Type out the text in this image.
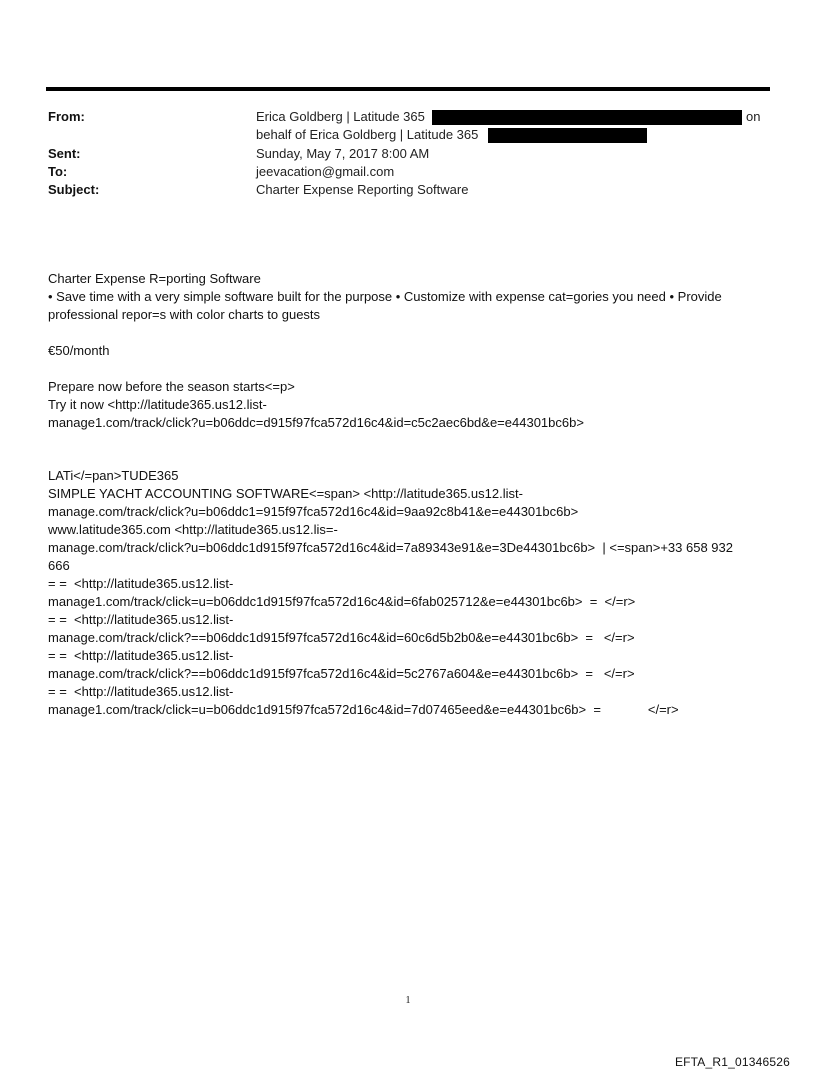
From:	Erica Goldberg | Latitude 365	on
behalf of Erica Goldberg | Latitude 365
Sent:	Sunday, May 7, 2017 8:00 AM
To:	jeevacation@gmail.com
Subject:	Charter Expense Reporting Software
Charter Expense R=porting Software
• Save time with a very simple software built for the purpose • Customize with expense cat=gories you need • Provide
professional repor=s with color charts to guests
€50/month
Prepare now before the season starts<=p>
Try it now <http://latitude365.us12.list-
manage1.com/track/click?u=b06ddc=d915f97fca572d16c4&id=c5c2aec6bd&e=e44301bc6b>
LATi</=pan>TUDE365
SIMPLE YACHT ACCOUNTING SOFTWARE<=span> <http://latitude365.us12.list-
manage.com/track/click?u=b06ddc1=915f97fca572d16c4&id=9aa92c8b41&e=e44301bc6b>
www.latitude365.com <http://latitude365.us12.lis=-
manage.com/track/click?u=b06ddc1d915f97fca572d16c4&id=7a89343e91&e=3De44301bc6b>  | <=span>+33 658 932
666
= =  <http://latitude365.us12.list-
manage1.com/track/click=u=b06ddc1d915f97fca572d16c4&id=6fab025712&e=e44301bc6b>  =  </=r>
= =  <http://latitude365.us12.list-
manage.com/track/click?==b06ddc1d915f97fca572d16c4&id=60c6d5b2b0&e=e44301bc6b>  =   </=r>
= =  <http://latitude365.us12.list-
manage.com/track/click?==b06ddc1d915f97fca572d16c4&id=5c2767a604&e=e44301bc6b>  =   </=r>
= =  <http://latitude365.us12.list-
manage1.com/track/click=u=b06ddc1d915f97fca572d16c4&id=7d07465eed&e=e44301bc6b>  =             </=r>
1
EFTA_R1_01346526
